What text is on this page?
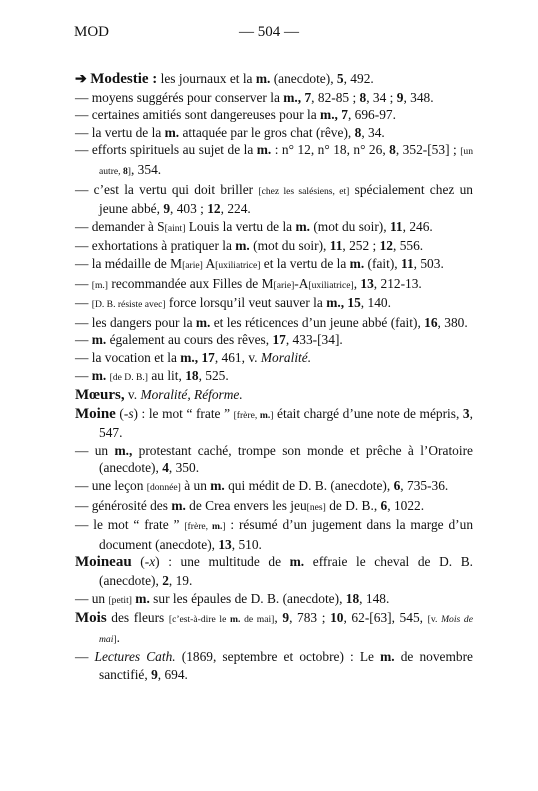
MOD	— 504 —

➔ Modestie : les journaux et la m. (anecdote), 5, 492.

— moyens suggérés pour conserver la m., 7, 82-85 ; 8, 34 ; 9, 348.

— certaines amitiés sont dangereuses pour la m., 7, 696-97.

— la vertu de la m. attaquée par le gros chat (rêve), 8, 34.

— efforts spirituels au sujet de la m. : n° 12, n° 18, n° 26, 8, 352-[53] ; [un autre, 8], 354.

— c’est la vertu qui doit briller [chez les salésiens, et] spécialement chez un jeune abbé, 9, 403 ; 12, 224.

— demander à S[aint] Louis la vertu de la m. (mot du soir), 11, 246.

— exhortations à pratiquer la m. (mot du soir), 11, 252 ; 12, 556.

— la médaille de M[arie] A[uxiliatrice] et la vertu de la m. (fait), 11, 503.

— [m.] recommandée aux Filles de M[arie]-A[uxiliatrice], 13, 212-13.

— [D. B. résiste avec] force lorsqu’il veut sauver la m., 15, 140.

— les dangers pour la m. et les réticences d’un jeune abbé (fait), 16, 380.

— m. également au cours des rêves, 17, 433-[34].

— la vocation et la m., 17, 461, v. Moralité.

— m. [de D. B.] au lit, 18, 525.

Mœurs, v. Moralité, Réforme.

Moine (-s) : le mot “ frate ” [frère, m.] était chargé d’une note de mépris, 3, 547.

— un m., protestant caché, trompe son monde et prêche à l’Oratoire (anecdote), 4, 350.

— une leçon [donnée] à un m. qui médit de D. B. (anecdote), 6, 735-36.

— générosité des m. de Crea envers les jeu[nes] de D. B., 6, 1022.

— le mot “ frate ” [frère, m.] : résumé d’un jugement dans la marge d’un document (anecdote), 13, 510.

Moineau (-x) : une multitude de m. effraie le cheval de D. B. (anecdote), 2, 19.

— un [petit] m. sur les épaules de D. B. (anecdote), 18, 148.

Mois des fleurs [c’est-à-dire le m. de mai], 9, 783 ; 10, 62-[63], 545, [v. Mois de mai].

— Lectures Cath. (1869, septembre et octobre) : Le m. de novembre sanctifié, 9, 694.
